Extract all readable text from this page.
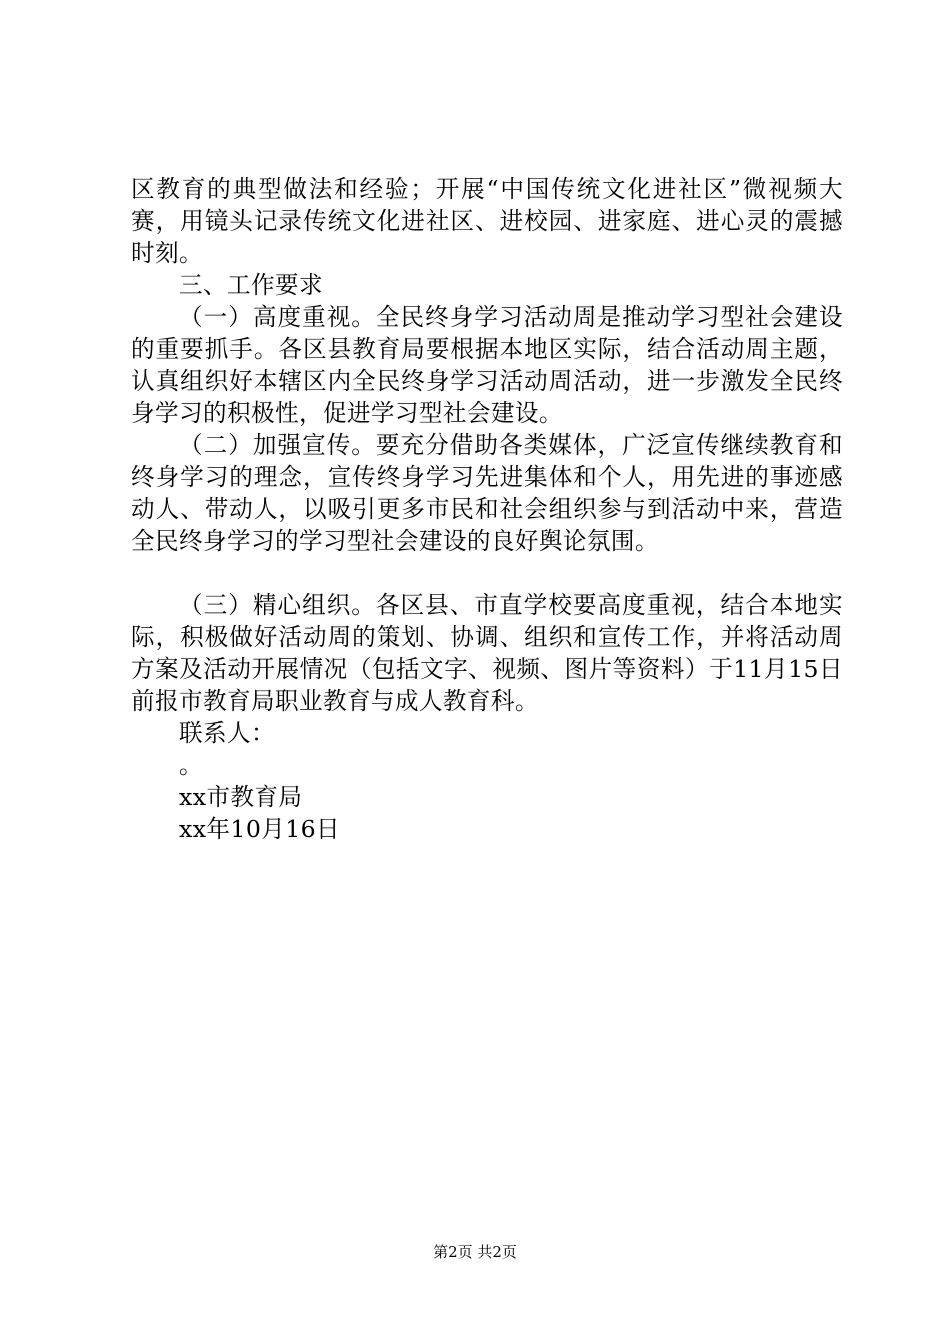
区教育的典型做法和经验；开展“中国传统文化进社区”微视频大赛，用镜头记录传统文化进社区、进校园、进家庭、进心灵的震撼时刻。

三、工作要求

（一）高度重视。全民终身学习活动周是推动学习型社会建设的重要抓手。各区县教育局要根据本地区实际，结合活动周主题，认真组织好本辖区内全民终身学习活动周活动，进一步激发全民终身学习的积极性，促进学习型社会建设。

（二）加强宣传。要充分借助各类媒体，广泛宣传继续教育和终身学习的理念，宣传终身学习先进集体和个人，用先进的事迹感动人、带动人，以吸引更多市民和社会组织参与到活动中来，营造全民终身学习的学习型社会建设的良好舆论氛围。

（三）精心组织。各区县、市直学校要高度重视，结合本地实际，积极做好活动周的策划、协调、组织和宣传工作，并将活动周方案及活动开展情况（包括文字、视频、图片等资料）于11月15日前报市教育局职业教育与成人教育科。

联系人：

。

xx市教育局

xx年10月16日

第2页 共2页
